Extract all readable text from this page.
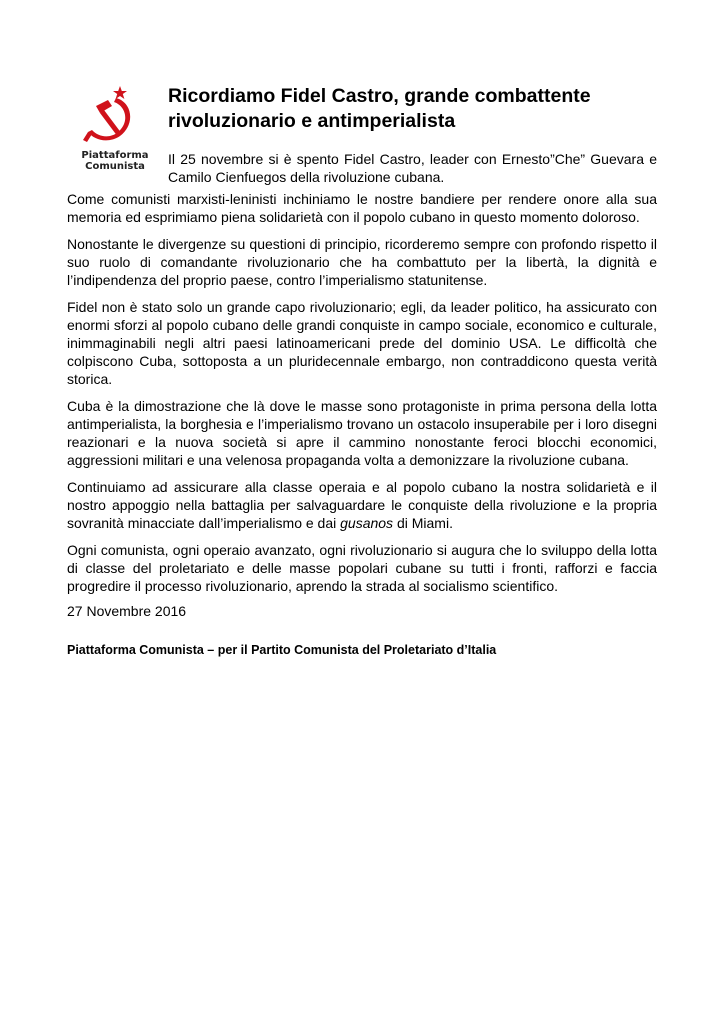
Piattaforma
Comunista
Ricordiamo Fidel Castro, grande combattente
rivoluzionario e antimperialista

Il 25 novembre si è spento Fidel Castro, leader con Ernesto”Che” Guevara e Camilo Cienfuegos della rivoluzione cubana.

Come comunisti marxisti-leninisti inchiniamo le nostre bandiere per rendere onore alla sua memoria ed esprimiamo piena solidarietà con il popolo cubano in questo momento doloroso.

Nonostante le divergenze su questioni di principio, ricorderemo sempre con profondo rispetto il suo ruolo di comandante rivoluzionario che ha combattuto per la libertà, la dignità e l’indipendenza del proprio paese, contro l’imperialismo statunitense.

Fidel non è stato solo un grande capo rivoluzionario; egli, da leader politico, ha assicurato con enormi sforzi al popolo cubano delle grandi conquiste in campo sociale, economico e culturale, inimmaginabili negli altri paesi latinoamericani prede del dominio USA. Le difficoltà che colpiscono Cuba, sottoposta a un pluridecennale embargo, non contraddicono questa verità storica.

Cuba è la dimostrazione che là dove le masse sono protagoniste in prima persona della lotta antimperialista, la borghesia e l’imperialismo trovano un ostacolo insuperabile per i loro disegni reazionari e la nuova società si apre il cammino nonostante feroci blocchi economici, aggressioni militari e una velenosa propaganda volta a demonizzare la rivoluzione cubana.

Continuiamo ad assicurare alla classe operaia e al popolo cubano la nostra solidarietà e il nostro appoggio nella battaglia per salvaguardare le conquiste della rivoluzione e la propria sovranità minacciate dall’imperialismo e dai gusanos di Miami.

Ogni comunista, ogni operaio avanzato, ogni rivoluzionario si augura che lo sviluppo della lotta di classe del proletariato e delle masse popolari cubane su tutti i fronti, rafforzi e faccia progredire il processo rivoluzionario, aprendo la strada al socialismo scientifico.

27 Novembre 2016

Piattaforma Comunista – per il Partito Comunista del Proletariato d’Italia
